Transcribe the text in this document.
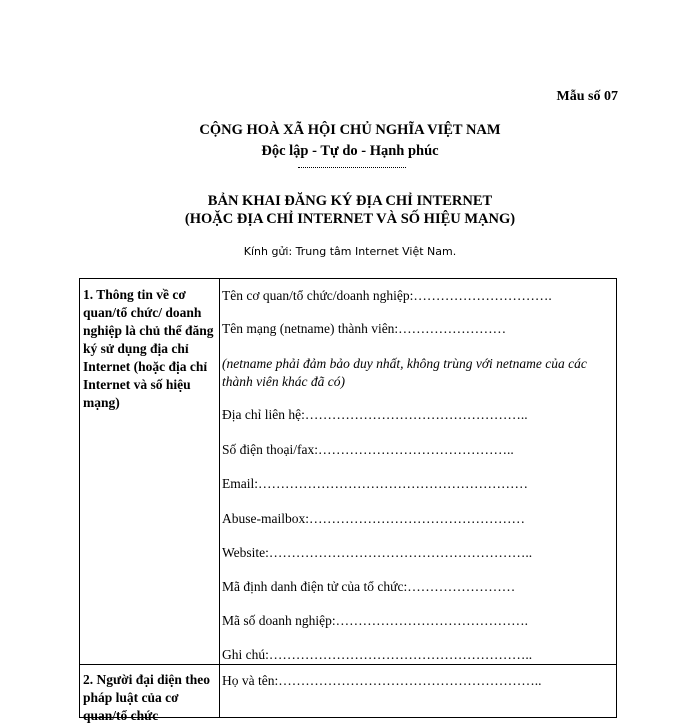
Mẫu số 07
CỘNG HOÀ XÃ HỘI CHỦ NGHĨA VIỆT NAM
Độc lập - Tự do - Hạnh phúc
BẢN KHAI ĐĂNG KÝ ĐỊA CHỈ INTERNET
(HOẶC ĐỊA CHỈ INTERNET VÀ SỐ HIỆU MẠNG)
Kính gửi: Trung tâm Internet Việt Nam.
1. Thông tin về cơ quan/tổ chức/ doanh nghiệp là chủ thể đăng ký sử dụng địa chỉ Internet (hoặc địa chỉ Internet và số hiệu mạng)
Tên cơ quan/tổ chức/doanh nghiệp:………………………….
Tên mạng (netname) thành viên:……………………
(netname phải đảm bảo duy nhất, không trùng với netname của các thành viên khác đã có)
Địa chỉ liên hệ:…………………………………………..
Số điện thoại/fax:……………………………………..
Email:……………………………………………………
Abuse-mailbox:…………………………………………
Website:…………………………………………………..
Mã định danh điện tử của tổ chức:……………………
Mã số doanh nghiệp:…………………………………….
Ghi chú:…………………………………………………..
2. Người đại diện theo pháp luật của cơ quan/tổ chức
Họ và tên:…………………………………………………..
